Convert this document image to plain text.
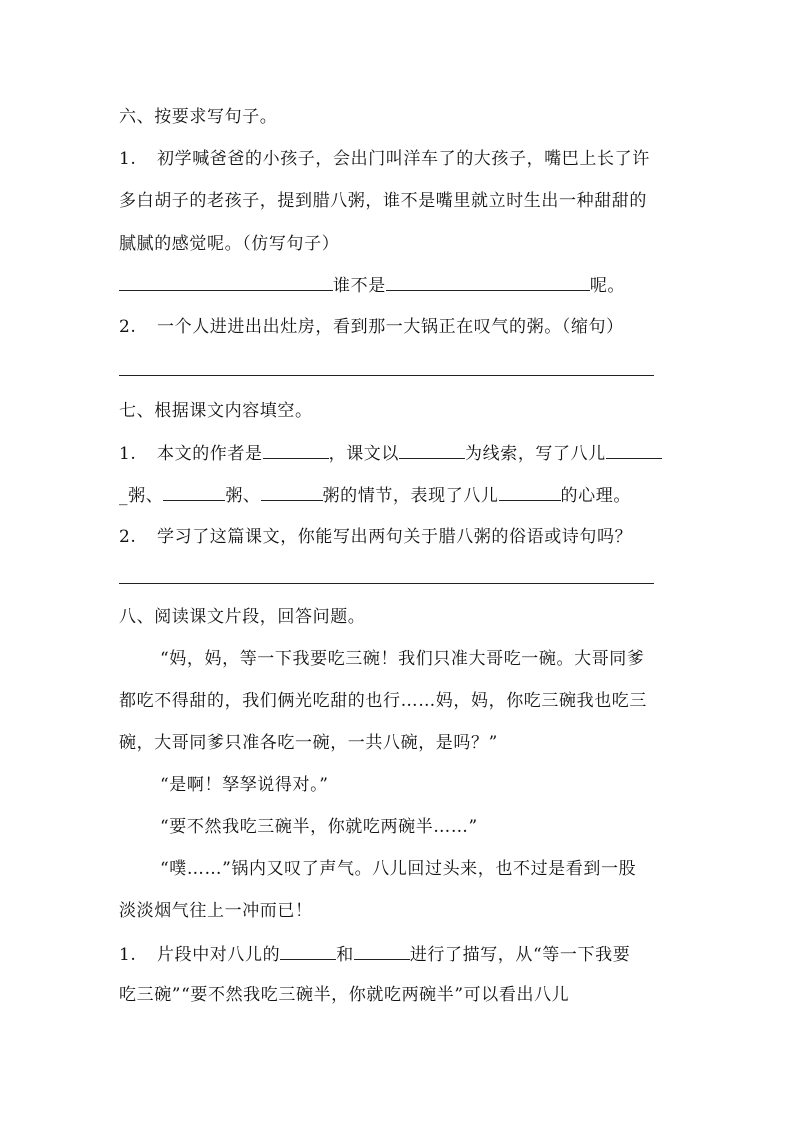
六、按要求写句子。
1. 初学喊爸爸的小孩子，会出门叫洋车了的大孩子，嘴巴上长了许
多白胡子的老孩子，提到腊八粥，谁不是嘴里就立时生出一种甜甜的
腻腻的感觉呢。（仿写句子）
谁不是	呢。
2. 一个人进进出出灶房，看到那一大锅正在叹气的粥。（缩句）
七、根据课文内容填空。
1. 本文的作者是	，课文以	为线索，写了八儿
_粥、	粥、	粥的情节，表现了八儿	的心理。
2. 学习了这篇课文，你能写出两句关于腊八粥的俗语或诗句吗？
八、阅读课文片段，回答问题。
“妈，妈，等一下我要吃三碗！我们只准大哥吃一碗。大哥同爹
都吃不得甜的，我们俩光吃甜的也行……妈，妈，你吃三碗我也吃三
碗，大哥同爹只准各吃一碗，一共八碗，是吗？”
“是啊！孥孥说得对。”
“要不然我吃三碗半，你就吃两碗半……”
“噗……”锅内又叹了声气。八儿回过头来，也不过是看到一股
淡淡烟气往上一冲而已！
1. 片段中对八儿的	和	进行了描写，从“等一下我要
吃三碗”“要不然我吃三碗半，你就吃两碗半”可以看出八儿
